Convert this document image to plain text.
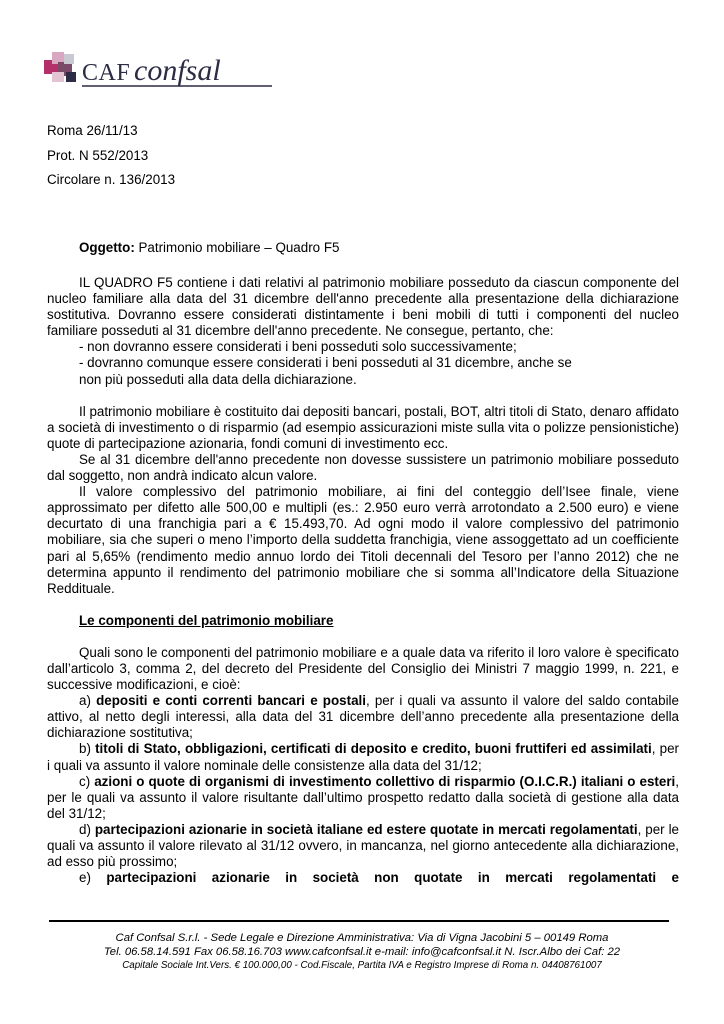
CAF confsal
Roma 26/11/13
Prot. N 552/2013
Circolare n. 136/2013
Oggetto: Patrimonio mobiliare – Quadro F5

IL QUADRO F5 contiene i dati relativi al patrimonio mobiliare posseduto da ciascun componente del nucleo familiare alla data del 31 dicembre dell'anno precedente alla presentazione della dichiarazione sostitutiva. Dovranno essere considerati distintamente i beni mobili di tutti i componenti del nucleo familiare posseduti al 31 dicembre dell'anno precedente. Ne consegue, pertanto, che:

- non dovranno essere considerati i beni posseduti solo successivamente;

- dovranno comunque essere considerati i beni posseduti al 31 dicembre, anche se

non più posseduti alla data della dichiarazione.

Il patrimonio mobiliare è costituito dai depositi bancari, postali, BOT, altri titoli di Stato, denaro affidato a società di investimento o di risparmio (ad esempio assicurazioni miste sulla vita o polizze pensionistiche) quote di partecipazione azionaria, fondi comuni di investimento ecc.

Se al 31 dicembre dell'anno precedente non dovesse sussistere un patrimonio mobiliare posseduto dal soggetto, non andrà indicato alcun valore.

Il valore complessivo del patrimonio mobiliare, ai fini del conteggio dell’Isee finale, viene approssimato per difetto alle 500,00 e multipli (es.: 2.950 euro verrà arrotondato a 2.500 euro) e viene decurtato di una franchigia pari a € 15.493,70. Ad ogni modo il valore complessivo del patrimonio mobiliare, sia che superi o meno l’importo della suddetta franchigia, viene assoggettato ad un coefficiente pari al 5,65% (rendimento medio annuo lordo dei Titoli decennali del Tesoro per l’anno 2012) che ne determina appunto il rendimento del patrimonio mobiliare che si somma all’Indicatore della Situazione Reddituale.

Le componenti del patrimonio mobiliare

Quali sono le componenti del patrimonio mobiliare e a quale data va riferito il loro valore è specificato dall’articolo 3, comma 2, del decreto del Presidente del Consiglio dei Ministri 7 maggio 1999, n. 221, e successive modificazioni, e cioè:

a) depositi e conti correnti bancari e postali, per i quali va assunto il valore del saldo contabile attivo, al netto degli interessi, alla data del 31 dicembre dell’anno precedente alla presentazione della dichiarazione sostitutiva;

b) titoli di Stato, obbligazioni, certificati di deposito e credito, buoni fruttiferi ed assimilati, per i quali va assunto il valore nominale delle consistenze alla data del 31/12;

c) azioni o quote di organismi di investimento collettivo di risparmio (O.I.C.R.) italiani o esteri, per le quali va assunto il valore risultante dall’ultimo prospetto redatto dalla società di gestione alla data del 31/12;

d) partecipazioni azionarie in società italiane ed estere quotate in mercati regolamentati, per le quali va assunto il valore rilevato al 31/12 ovvero, in mancanza, nel giorno antecedente alla dichiarazione, ad esso più prossimo;

e) partecipazioni azionarie in società non quotate in mercati regolamentati e

Caf Confsal S.r.l. - Sede Legale e Direzione Amministrativa: Via di Vigna Jacobini 5 – 00149 Roma
Tel. 06.58.14.591 Fax 06.58.16.703 www.cafconfsal.it e-mail: info@cafconfsal.it N. Iscr.Albo dei Caf: 22
Capitale Sociale Int.Vers. € 100.000,00 - Cod.Fiscale, Partita IVA e Registro Imprese di Roma n. 04408761007
